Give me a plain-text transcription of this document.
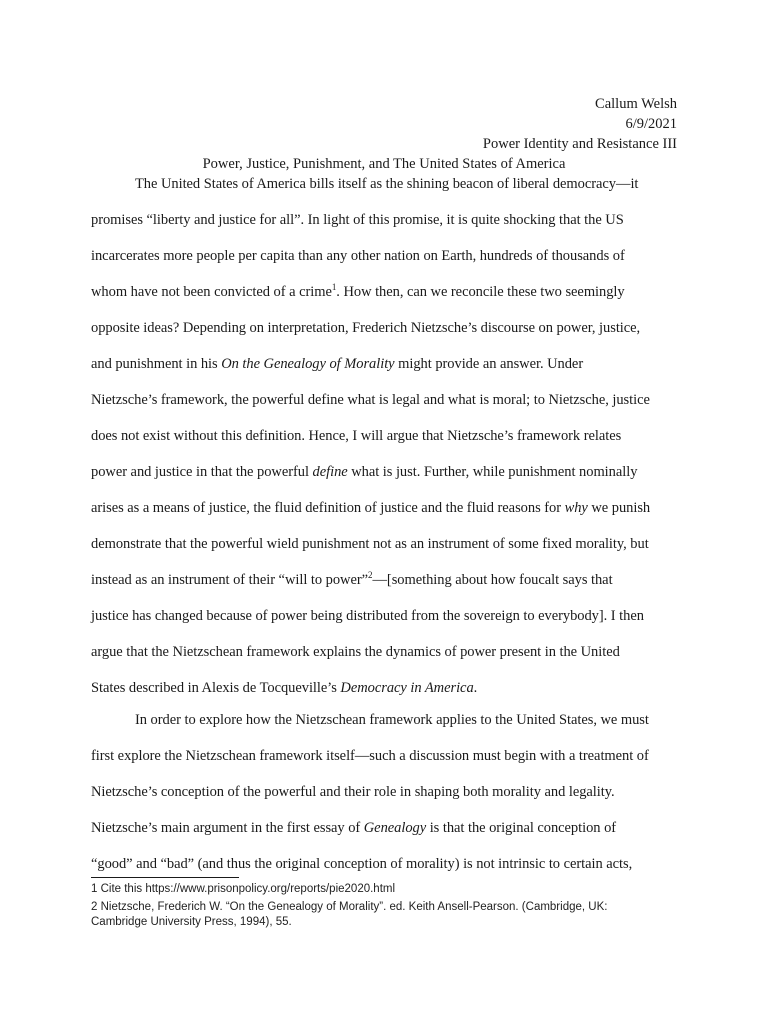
Callum Welsh
6/9/2021
Power Identity and Resistance III
Power, Justice, Punishment, and The United States of America
The United States of America bills itself as the shining beacon of liberal democracy—it
promises “liberty and justice for all”. In light of this promise, it is quite shocking that the US
incarcerates more people per capita than any other nation on Earth, hundreds of thousands of
whom have not been convicted of a crime$^1$. How then, can we reconcile these two seemingly
opposite ideas? Depending on interpretation, Frederich Nietzsche’s discourse on power, justice,
and punishment in his On the Genealogy of Morality might provide an answer. Under
Nietzsche’s framework, the powerful define what is legal and what is moral; to Nietzsche, justice
does not exist without this definition. Hence, I will argue that Nietzsche’s framework relates
power and justice in that the powerful define what is just. Further, while punishment nominally
arises as a means of justice, the fluid definition of justice and the fluid reasons for why we punish
demonstrate that the powerful wield punishment not as an instrument of some fixed morality, but
instead as an instrument of their “will to power”$^2$—[something about how foucalt says that
justice has changed because of power being distributed from the sovereign to everybody]. I then
argue that the Nietzschean framework explains the dynamics of power present in the United
States described in Alexis de Tocqueville’s Democracy in America.
In order to explore how the Nietzschean framework applies to the United States, we must
first explore the Nietzschean framework itself—such a discussion must begin with a treatment of
Nietzsche’s conception of the powerful and their role in shaping both morality and legality.
Nietzsche’s main argument in the first essay of Genealogy is that the original conception of
“good” and “bad” (and thus the original conception of morality) is not intrinsic to certain acts,
1 Cite this https://www.prisonpolicy.org/reports/pie2020.html
2 Nietzsche, Frederich W. “On the Genealogy of Morality”. ed. Keith Ansell-Pearson. (Cambridge, UK:
Cambridge University Press, 1994), 55.
